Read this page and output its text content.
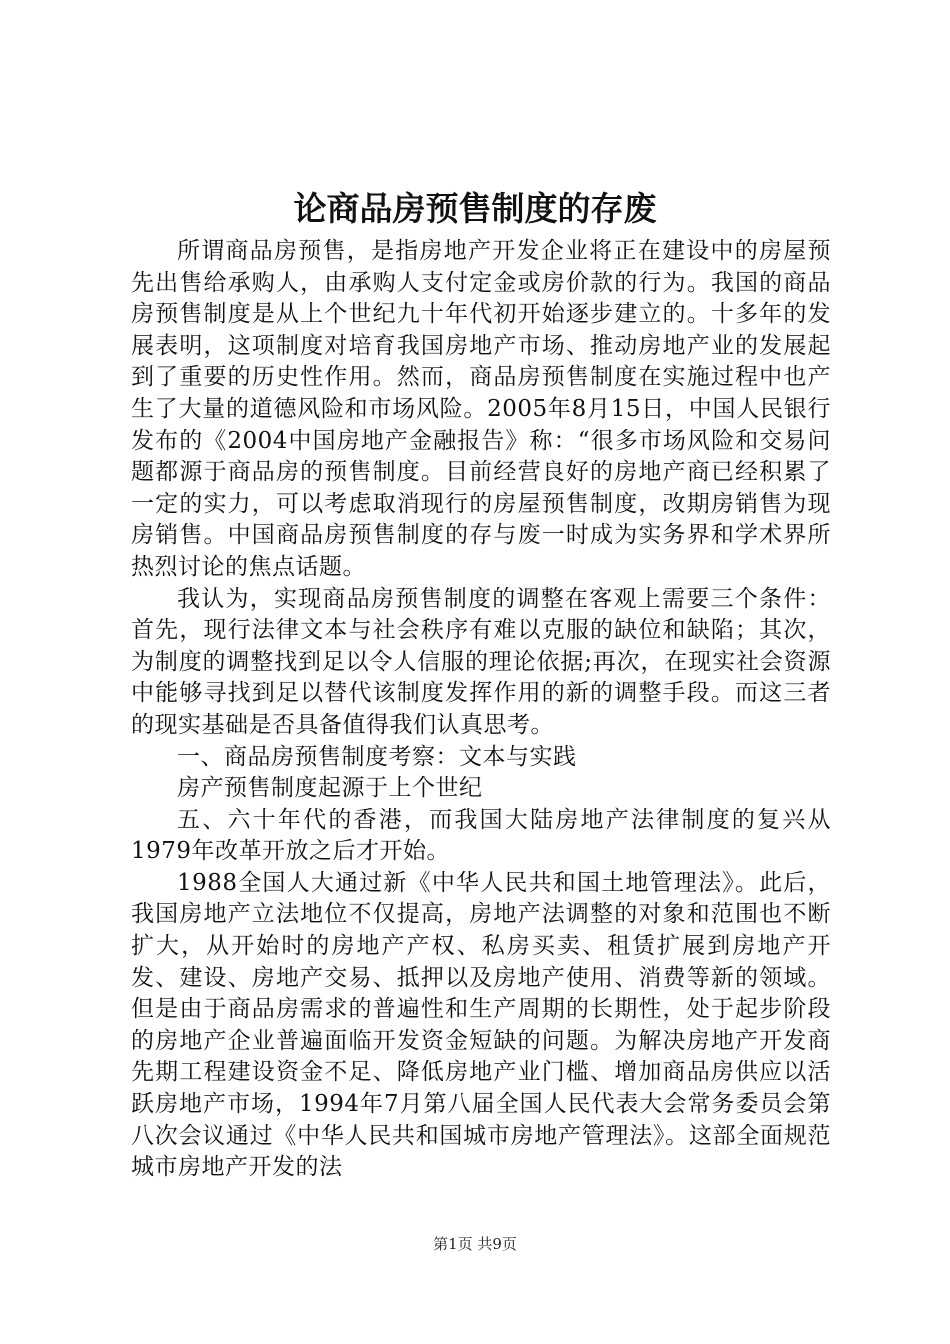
论商品房预售制度的存废

所谓商品房预售，是指房地产开发企业将正在建设中的房屋预先出售给承购人，由承购人支付定金或房价款的行为。我国的商品房预售制度是从上个世纪九十年代初开始逐步建立的。十多年的发展表明，这项制度对培育我国房地产市场、推动房地产业的发展起到了重要的历史性作用。然而，商品房预售制度在实施过程中也产生了大量的道德风险和市场风险。2005年8月15日，中国人民银行发布的《2004中国房地产金融报告》称：“很多市场风险和交易问题都源于商品房的预售制度。目前经营良好的房地产商已经积累了一定的实力，可以考虑取消现行的房屋预售制度，改期房销售为现房销售。中国商品房预售制度的存与废一时成为实务界和学术界所热烈讨论的焦点话题。

我认为，实现商品房预售制度的调整在客观上需要三个条件：首先，现行法律文本与社会秩序有难以克服的缺位和缺陷；其次，为制度的调整找到足以令人信服的理论依据;再次，在现实社会资源中能够寻找到足以替代该制度发挥作用的新的调整手段。而这三者的现实基础是否具备值得我们认真思考。

一、商品房预售制度考察：文本与实践

房产预售制度起源于上个世纪

五、六十年代的香港，而我国大陆房地产法律制度的复兴从1979年改革开放之后才开始。

1988全国人大通过新《中华人民共和国土地管理法》。此后，我国房地产立法地位不仅提高，房地产法调整的对象和范围也不断扩大，从开始时的房地产产权、私房买卖、租赁扩展到房地产开发、建设、房地产交易、抵押以及房地产使用、消费等新的领域。但是由于商品房需求的普遍性和生产周期的长期性，处于起步阶段的房地产企业普遍面临开发资金短缺的问题。为解决房地产开发商先期工程建设资金不足、降低房地产业门槛、增加商品房供应以活跃房地产市场，1994年7月第八届全国人民代表大会常务委员会第八次会议通过《中华人民共和国城市房地产管理法》。这部全面规范城市房地产开发的法

第1页 共9页
